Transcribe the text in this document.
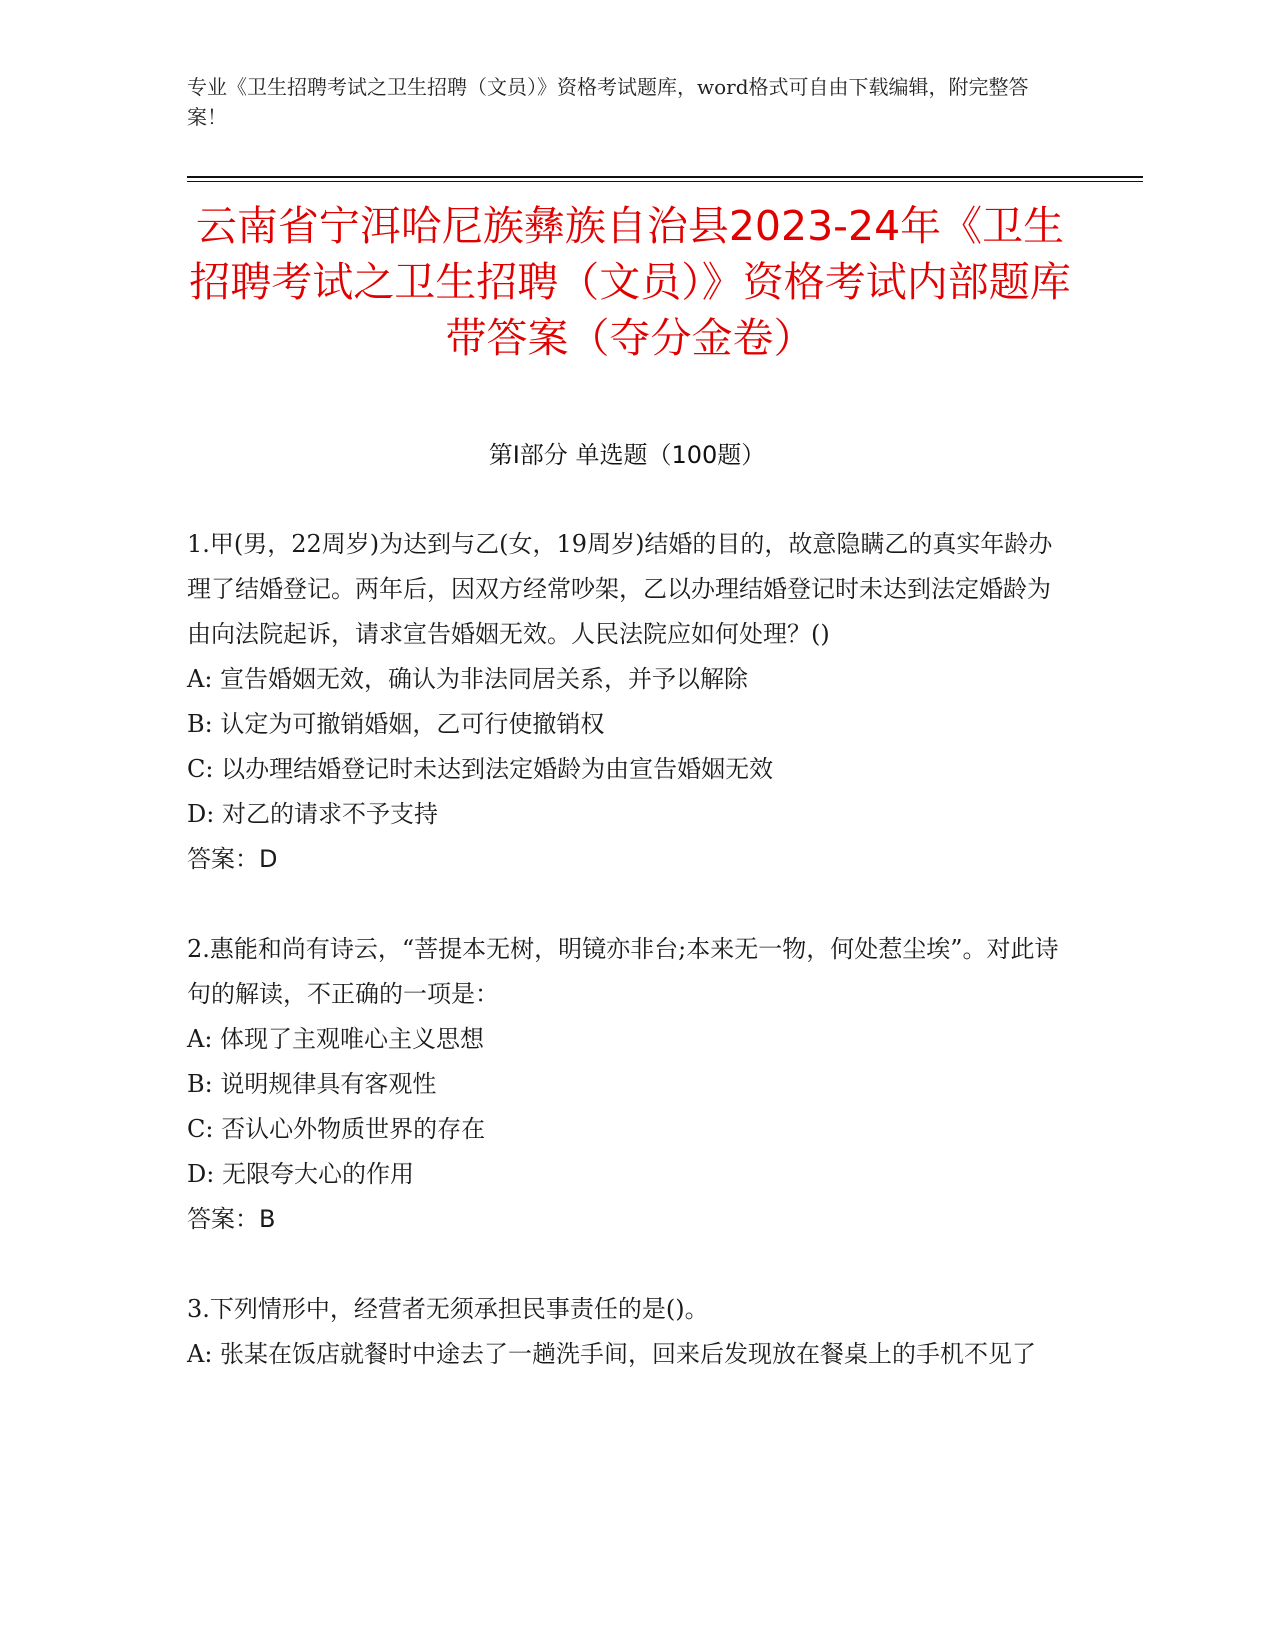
专业《卫生招聘考试之卫生招聘（文员）》资格考试题库，word格式可自由下载编辑，附完整答案！
云南省宁洱哈尼族彝族自治县2023-24年《卫生招聘考试之卫生招聘（文员）》资格考试内部题库带答案（夺分金卷）
第Ⅰ部分 单选题（100题）

1.甲(男，22周岁)为达到与乙(女，19周岁)结婚的目的，故意隐瞒乙的真实年龄办理了结婚登记。两年后，因双方经常吵架，乙以办理结婚登记时未达到法定婚龄为由向法院起诉，请求宣告婚姻无效。人民法院应如何处理？()

A: 宣告婚姻无效，确认为非法同居关系，并予以解除

B: 认定为可撤销婚姻，乙可行使撤销权

C: 以办理结婚登记时未达到法定婚龄为由宣告婚姻无效

D: 对乙的请求不予支持

答案：D

2.惠能和尚有诗云，“菩提本无树，明镜亦非台;本来无一物，何处惹尘埃”。对此诗句的解读，不正确的一项是：

A: 体现了主观唯心主义思想

B: 说明规律具有客观性

C: 否认心外物质世界的存在

D: 无限夸大心的作用

答案：B

3.下列情形中，经营者无须承担民事责任的是()。

A: 张某在饭店就餐时中途去了一趟洗手间，回来后发现放在餐桌上的手机不见了
